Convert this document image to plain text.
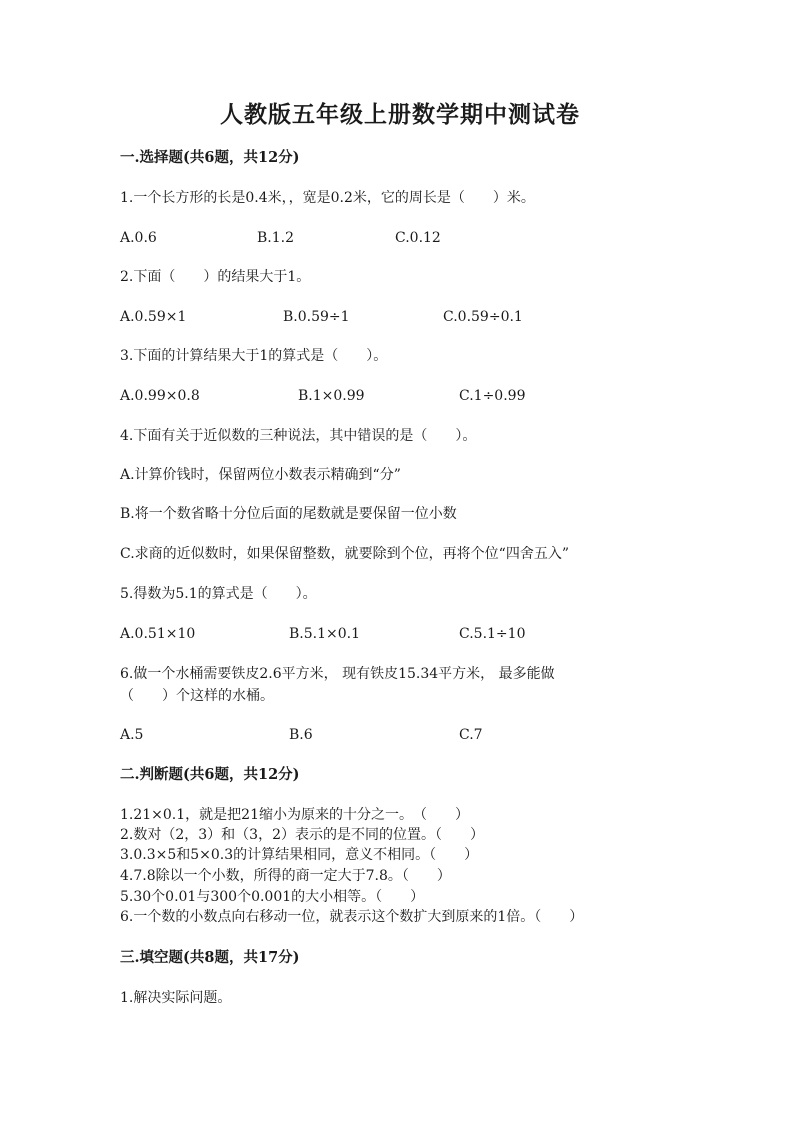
人教版五年级上册数学期中测试卷
一.选择题(共6题，共12分)
1.一个长方形的长是0.4米，，宽是0.2米，它的周长是（　　）米。
A.0.6	B.1.2	C.0.12
2.下面（　　）的结果大于1。
A.0.59×1	B.0.59÷1	C.0.59÷0.1
3.下面的计算结果大于1的算式是（　　）。
A.0.99×0.8	B.1×0.99	C.1÷0.99
4.下面有关于近似数的三种说法，其中错误的是（　　）。
A.计算价钱时，保留两位小数表示精确到“分”
B.将一个数省略十分位后面的尾数就是要保留一位小数
C.求商的近似数时，如果保留整数，就要除到个位，再将个位“四舍五入”
5.得数为5.1的算式是（　　）。
A.0.51×10	B.5.1×0.1	C.5.1÷10
6.做一个水桶需要铁皮2.6平方米， 现有铁皮15.34平方米， 最多能做
（　　）个这样的水桶。
A.5	B.6	C.7
二.判断题(共6题，共12分)
1.21×0.1，就是把21缩小为原来的十分之一。　（　　）
2.数对（2，3）和（3，2）表示的是不同的位置。（　　）
3.0.3×5和5×0.3的计算结果相同，意义不相同。（　　）
4.7.8除以一个小数，所得的商一定大于7.8。（　　）
5.30个0.01与300个0.001的大小相等。（　　）
6.一个数的小数点向右移动一位，就表示这个数扩大到原来的1倍。（　　）
三.填空题(共8题，共17分)
1.解决实际问题。
